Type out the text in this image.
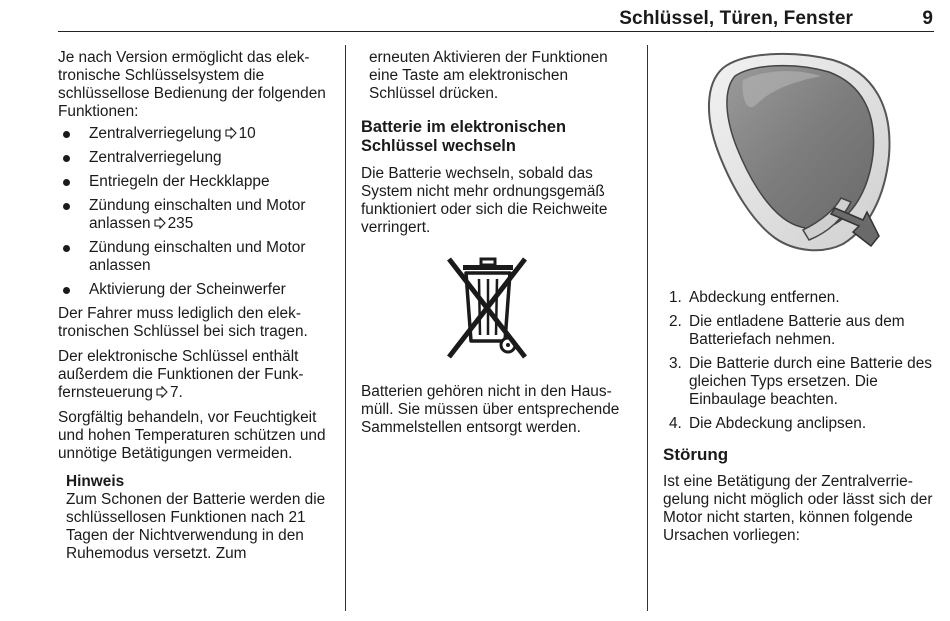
Schlüssel, Türen, Fenster	9

Je nach Version ermöglicht das elektronische Schlüsselsystem die schlüssellose Bedienung der folgenden Funktionen:

Zentralverriegelung 10
Zentralverriegelung
Entriegeln der Heckklappe
Zündung einschalten und Motor anlassen 235
Zündung einschalten und Motor anlassen
Aktivierung der Scheinwerfer

Der Fahrer muss lediglich den elektronischen Schlüssel bei sich tragen.

Der elektronische Schlüssel enthält außerdem die Funktionen der Funkfernsteuerung 7.

Sorgfältig behandeln, vor Feuchtigkeit und hohen Temperaturen schützen und unnötige Betätigungen vermeiden.

Hinweis

Zum Schonen der Batterie werden die schlüssellosen Funktionen nach 21 Tagen der Nichtverwendung in den Ruhemodus versetzt. Zum

erneuten Aktivieren der Funktionen eine Taste am elektronischen Schlüssel drücken.

Batterie im elektronischen Schlüssel wechseln

Die Batterie wechseln, sobald das System nicht mehr ordnungsgemäß funktioniert oder sich die Reichweite verringert.

Batterien gehören nicht in den Hausmüll. Sie müssen über entsprechende Sammelstellen entsorgt werden.

1. Abdeckung entfernen.
2. Die entladene Batterie aus dem Batteriefach nehmen.
3. Die Batterie durch eine Batterie des gleichen Typs ersetzen. Die Einbaulage beachten.
4. Die Abdeckung anclipsen.
Störung

Ist eine Betätigung der Zentralverriegelung nicht möglich oder lässt sich der Motor nicht starten, können folgende Ursachen vorliegen:
